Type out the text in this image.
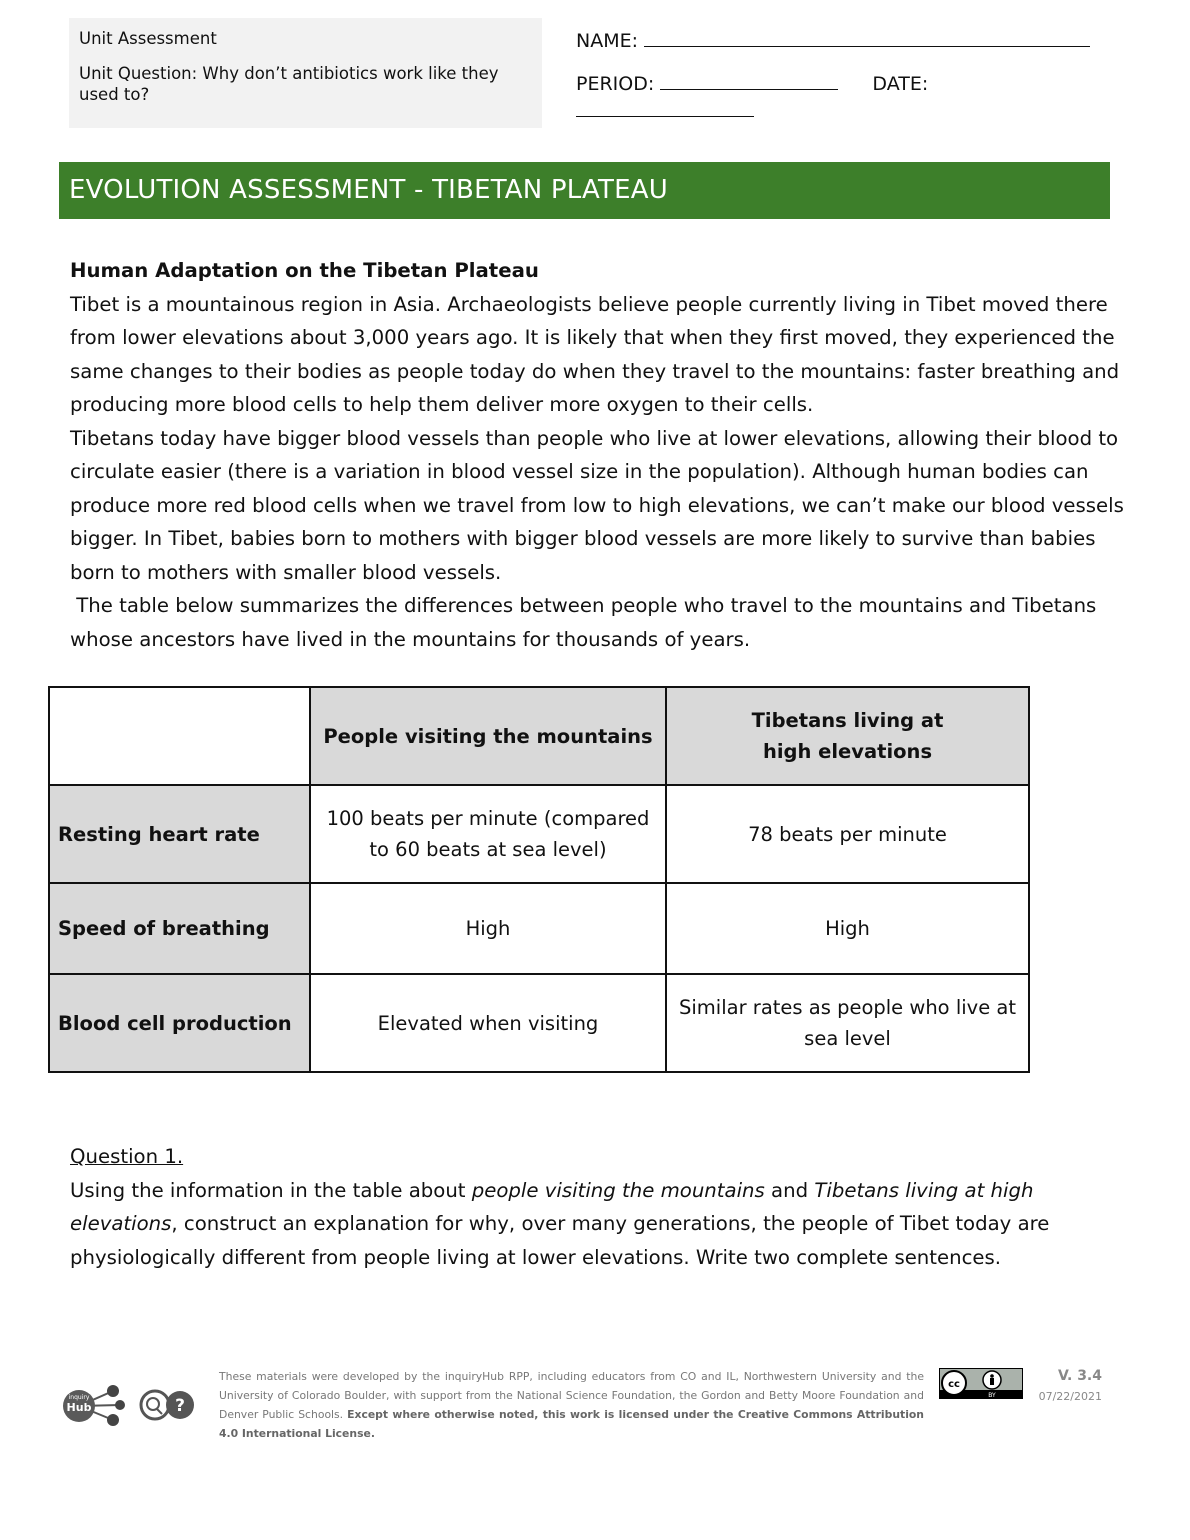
Unit Assessment
Unit Question: Why don’t antibiotics work like they used to?
NAME:
PERIOD:	DATE:
EVOLUTION ASSESSMENT - TIBETAN PLATEAU

Human Adaptation on the Tibetan Plateau

Tibet is a mountainous region in Asia. Archaeologists believe people currently living in Tibet moved there from lower elevations about 3,000 years ago. It is likely that when they first moved, they experienced the same changes to their bodies as people today do when they travel to the mountains: faster breathing and producing more blood cells to help them deliver more oxygen to their cells.

Tibetans today have bigger blood vessels than people who live at lower elevations, allowing their blood to circulate easier (there is a variation in blood vessel size in the population). Although human bodies can produce more red blood cells when we travel from low to high elevations, we can’t make our blood vessels bigger. In Tibet, babies born to mothers with bigger blood vessels are more likely to survive than babies born to mothers with smaller blood vessels.

The table below summarizes the differences between people who travel to the mountains and Tibetans whose ancestors have lived in the mountains for thousands of years.

	People visiting the mountains	Tibetans living at high elevations
Resting heart rate	100 beats per minute (compared to 60 beats at sea level)	78 beats per minute
Speed of breathing	High	High
Blood cell production	Elevated when visiting	Similar rates as people who live at sea level

Question 1.

Using the information in the table about people visiting the mountains and Tibetans living at high elevations, construct an explanation for why, over many generations, the people of Tibet today are physiologically different from people living at lower elevations. Write two complete sentences.

inquiry
Hub	?
These materials were developed by the inquiryHub RPP, including educators from CO and IL, Northwestern University and the University of Colorado Boulder, with support from the National Science Foundation, the Gordon and Betty Moore Foundation and Denver Public Schools. Except where otherwise noted, this work is licensed under the Creative Commons Attribution 4.0 International License.
cc
BY
V. 3.4
07/22/2021
